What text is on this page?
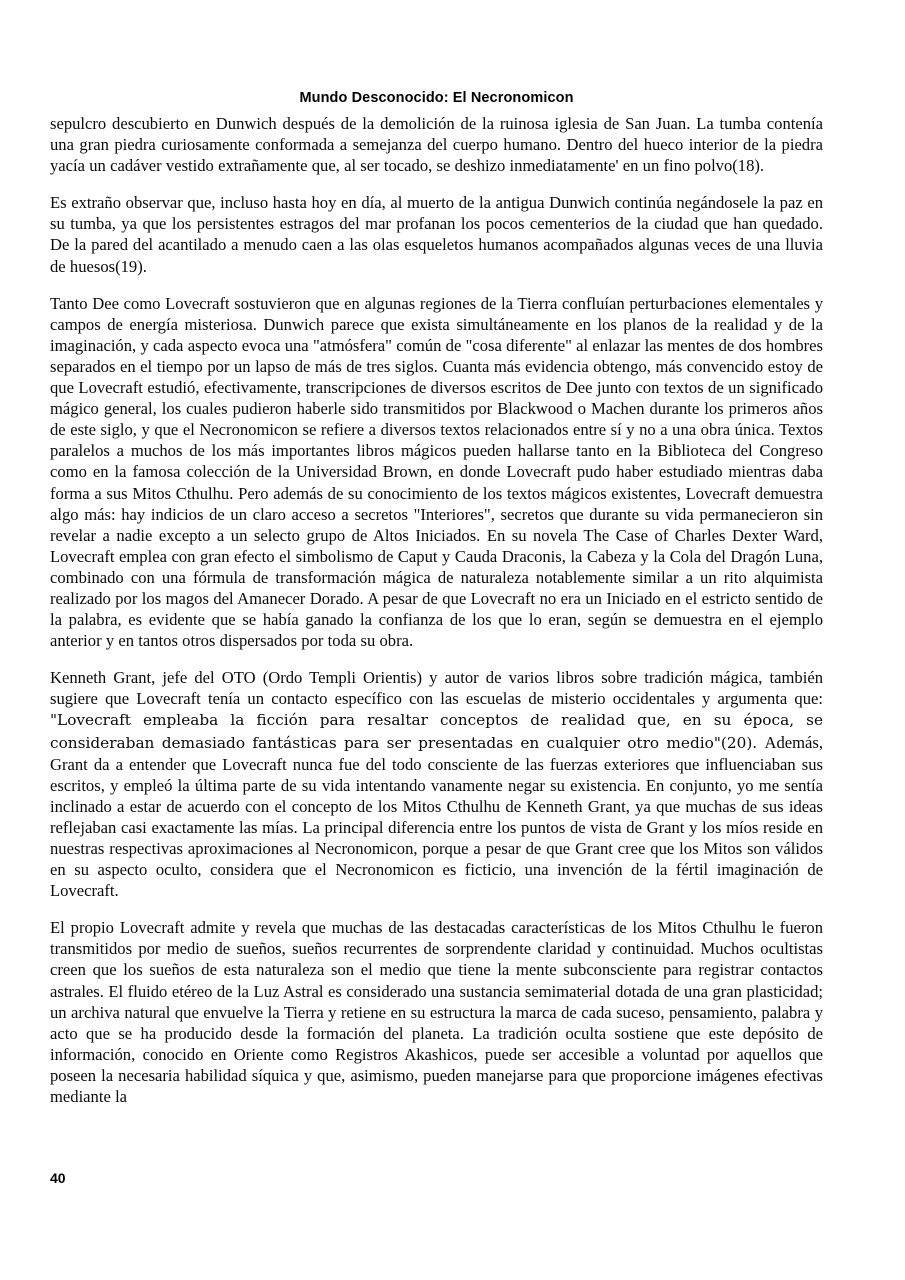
Mundo Desconocido: El Necronomicon

sepulcro descubierto en Dunwich después de la demolición de la ruinosa iglesia de San Juan. La tumba contenía una gran piedra curiosamente conformada a semejanza del cuerpo humano. Dentro del hueco interior de la piedra yacía un cadáver vestido extrañamente que, al ser tocado, se deshizo inmediatamente' en un fino polvo(18).

Es extraño observar que, incluso hasta hoy en día, al muerto de la antigua Dunwich continúa negándosele la paz en su tumba, ya que los persistentes estragos del mar profanan los pocos cementerios de la ciudad que han quedado. De la pared del acantilado a menudo caen a las olas esqueletos humanos acompañados algunas veces de una lluvia de huesos(19).

Tanto Dee como Lovecraft sostuvieron que en algunas regiones de la Tierra confluían perturbaciones elementales y campos de energía misteriosa. Dunwich parece que exista simultáneamente en los planos de la realidad y de la imaginación, y cada aspecto evoca una "atmósfera" común de "cosa diferente" al enlazar las mentes de dos hombres separados en el tiempo por un lapso de más de tres siglos. Cuanta más evidencia obtengo, más convencido estoy de que Lovecraft estudió, efectivamente, transcripciones de diversos escritos de Dee junto con textos de un significado mágico general, los cuales pudieron haberle sido transmitidos por Blackwood o Machen durante los primeros años de este siglo, y que el Necronomicon se refiere a diversos textos relacionados entre sí y no a una obra única. Textos paralelos a muchos de los más importantes libros mágicos pueden hallarse tanto en la Biblioteca del Congreso como en la famosa colección de la Universidad Brown, en donde Lovecraft pudo haber estudiado mientras daba forma a sus Mitos Cthulhu. Pero además de su conocimiento de los textos mágicos existentes, Lovecraft demuestra algo más: hay indicios de un claro acceso a secretos "Interiores", secretos que durante su vida permanecieron sin revelar a nadie excepto a un selecto grupo de Altos Iniciados. En su novela The Case of Charles Dexter Ward, Lovecraft emplea con gran efecto el simbolismo de Caput y Cauda Draconis, la Cabeza y la Cola del Dragón Luna, combinado con una fórmula de transformación mágica de naturaleza notablemente similar a un rito alquimista realizado por los magos del Amanecer Dorado. A pesar de que Lovecraft no era un Iniciado en el estricto sentido de la palabra, es evidente que se había ganado la confianza de los que lo eran, según se demuestra en el ejemplo anterior y en tantos otros dispersados por toda su obra.

Kenneth Grant, jefe del OTO (Ordo Templi Orientis) y autor de varios libros sobre tradición mágica, también sugiere que Lovecraft tenía un contacto específico con las escuelas de misterio occidentales y argumenta que: "Lovecraft empleaba la ficción para resaltar conceptos de realidad que, en su época, se consideraban demasiado fantásticas para ser presentadas en cualquier otro medio"(20). Además, Grant da a entender que Lovecraft nunca fue del todo consciente de las fuerzas exteriores que influenciaban sus escritos, y empleó la última parte de su vida intentando vanamente negar su existencia. En conjunto, yo me sentía inclinado a estar de acuerdo con el concepto de los Mitos Cthulhu de Kenneth Grant, ya que muchas de sus ideas reflejaban casi exactamente las mías. La principal diferencia entre los puntos de vista de Grant y los míos reside en nuestras respectivas aproximaciones al Necronomicon, porque a pesar de que Grant cree que los Mitos son válidos en su aspecto oculto, considera que el Necronomicon es ficticio, una invención de la fértil imaginación de Lovecraft.

El propio Lovecraft admite y revela que muchas de las destacadas características de los Mitos Cthulhu le fueron transmitidos por medio de sueños, sueños recurrentes de sorprendente claridad y continuidad. Muchos ocultistas creen que los sueños de esta naturaleza son el medio que tiene la mente subconsciente para registrar contactos astrales. El fluido etéreo de la Luz Astral es considerado una sustancia semimaterial dotada de una gran plasticidad; un archiva natural que envuelve la Tierra y retiene en su estructura la marca de cada suceso, pensamiento, palabra y acto que se ha producido desde la formación del planeta. La tradición oculta sostiene que este depósito de información, conocido en Oriente como Registros Akashicos, puede ser accesible a voluntad por aquellos que poseen la necesaria habilidad síquica y que, asimismo, pueden manejarse para que proporcione imágenes efectivas mediante la

40
